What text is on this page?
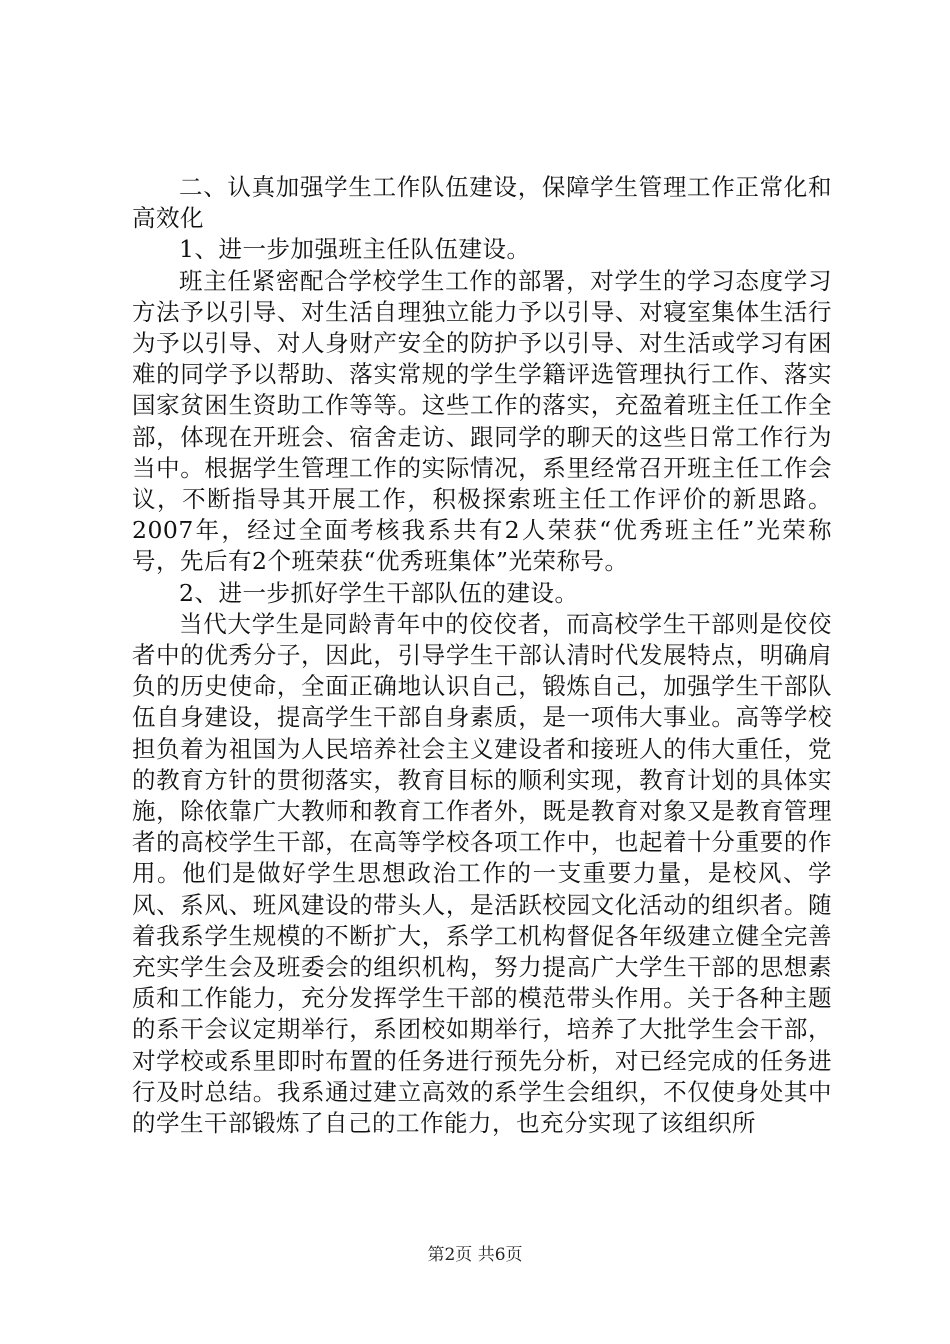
二、认真加强学生工作队伍建设，保障学生管理工作正常化和高效化

1、进一步加强班主任队伍建设。

班主任紧密配合学校学生工作的部署，对学生的学习态度学习方法予以引导、对生活自理独立能力予以引导、对寝室集体生活行为予以引导、对人身财产安全的防护予以引导、对生活或学习有困难的同学予以帮助、落实常规的学生学籍评选管理执行工作、落实国家贫困生资助工作等等。这些工作的落实，充盈着班主任工作全部，体现在开班会、宿舍走访、跟同学的聊天的这些日常工作行为当中。根据学生管理工作的实际情况，系里经常召开班主任工作会议，不断指导其开展工作，积极探索班主任工作评价的新思路。2007年，经过全面考核我系共有2人荣获“优秀班主任”光荣称号，先后有2个班荣获“优秀班集体”光荣称号。

2、进一步抓好学生干部队伍的建设。

当代大学生是同龄青年中的佼佼者，而高校学生干部则是佼佼者中的优秀分子，因此，引导学生干部认清时代发展特点，明确肩负的历史使命，全面正确地认识自己，锻炼自己，加强学生干部队伍自身建设，提高学生干部自身素质，是一项伟大事业。高等学校担负着为祖国为人民培养社会主义建设者和接班人的伟大重任，党的教育方针的贯彻落实，教育目标的顺利实现，教育计划的具体实施，除依靠广大教师和教育工作者外，既是教育对象又是教育管理者的高校学生干部，在高等学校各项工作中，也起着十分重要的作用。他们是做好学生思想政治工作的一支重要力量，是校风、学风、系风、班风建设的带头人，是活跃校园文化活动的组织者。随着我系学生规模的不断扩大，系学工机构督促各年级建立健全完善充实学生会及班委会的组织机构，努力提高广大学生干部的思想素质和工作能力，充分发挥学生干部的模范带头作用。关于各种主题的系干会议定期举行，系团校如期举行，培养了大批学生会干部，对学校或系里即时布置的任务进行预先分析，对已经完成的任务进行及时总结。我系通过建立高效的系学生会组织，不仅使身处其中的学生干部锻炼了自己的工作能力，也充分实现了该组织所

第2页 共6页
